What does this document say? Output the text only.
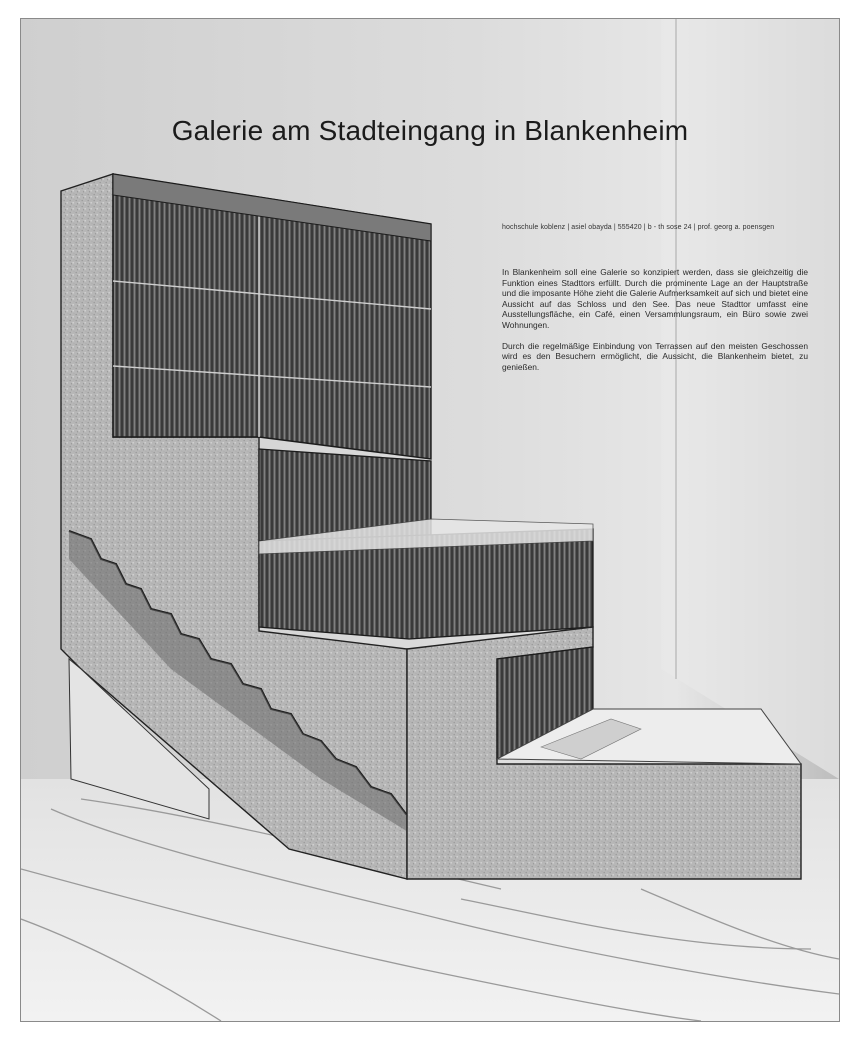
Galerie am Stadteingang in Blankenheim
hochschule koblenz | asiel obayda | 555420 | b - th sose 24 | prof. georg a. poensgen

In Blankenheim soll eine Galerie so konzipiert werden, dass sie gleichzeitig die Funktion eines Stadttors erfüllt. Durch die prominente Lage an der Hauptstraße und die imposante Höhe zieht die Galerie Aufmerksamkeit auf sich und bietet eine Aussicht auf das Schloss und den See. Das neue Stadttor umfasst eine Ausstellungsfläche, ein Café, einen Versammlungsraum, ein Büro sowie zwei Wohnungen.

Durch die regelmäßige Einbindung von Terrassen auf den meisten Geschossen wird es den Besuchern ermöglicht, die Aussicht, die Blankenheim bietet, zu genießen.
